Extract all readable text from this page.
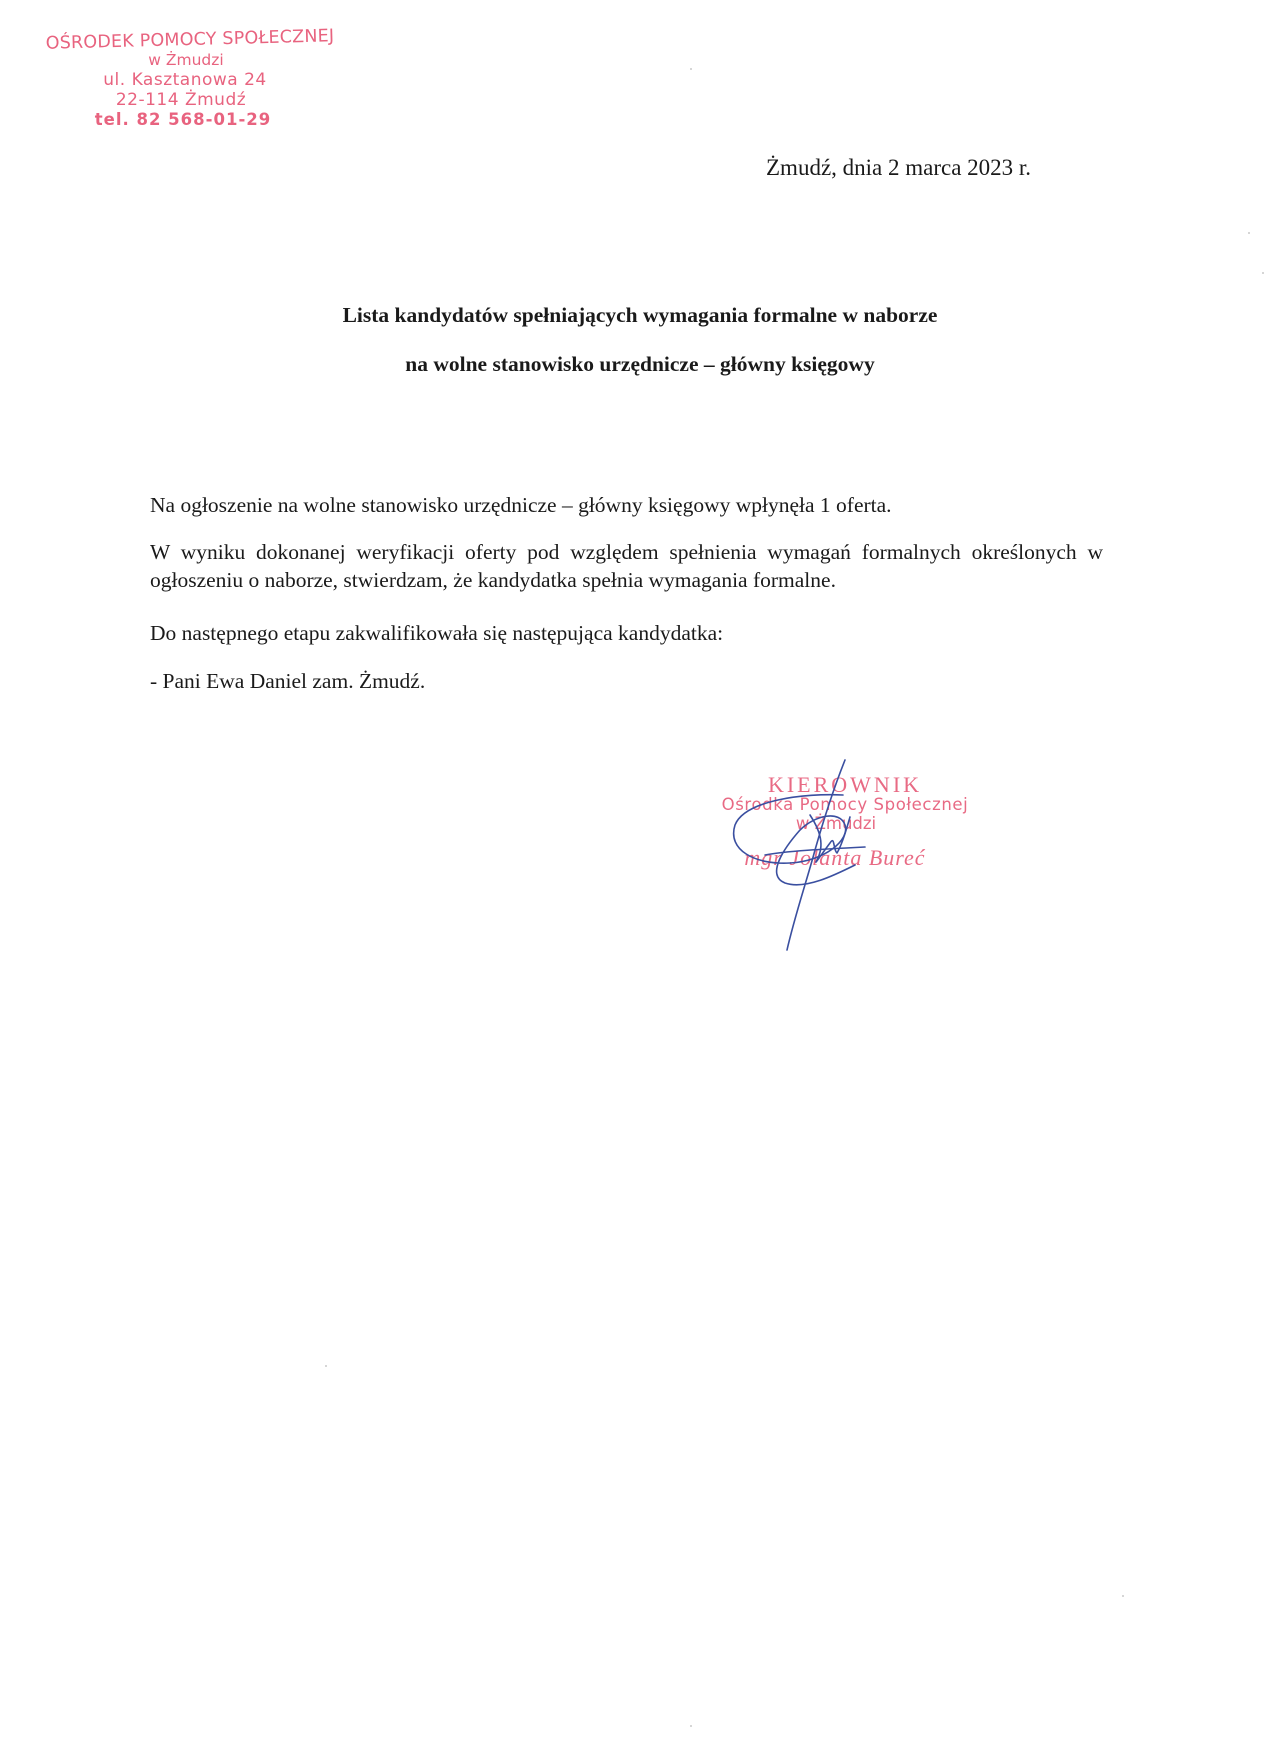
OŚRODEK POMOCY SPOŁECZNEJ
w Żmudzi
ul. Kasztanowa 24
22-114 Żmudź
tel. 82 568-01-29
Żmudź, dnia 2 marca 2023 r.
Lista kandydatów spełniających wymagania formalne w naborze
na wolne stanowisko urzędnicze – główny księgowy
Na ogłoszenie na wolne stanowisko urzędnicze – główny księgowy wpłynęła 1 oferta.
W wyniku dokonanej weryfikacji oferty pod względem spełnienia wymagań formalnych określonych w ogłoszeniu o naborze, stwierdzam, że kandydatka spełnia wymagania formalne.
Do następnego etapu zakwalifikowała się następująca kandydatka:
- Pani Ewa Daniel zam. Żmudź.
KIEROWNIK
Ośrodka Pomocy Społecznej
w Żmudzi
mgr Jolanta Bureć
